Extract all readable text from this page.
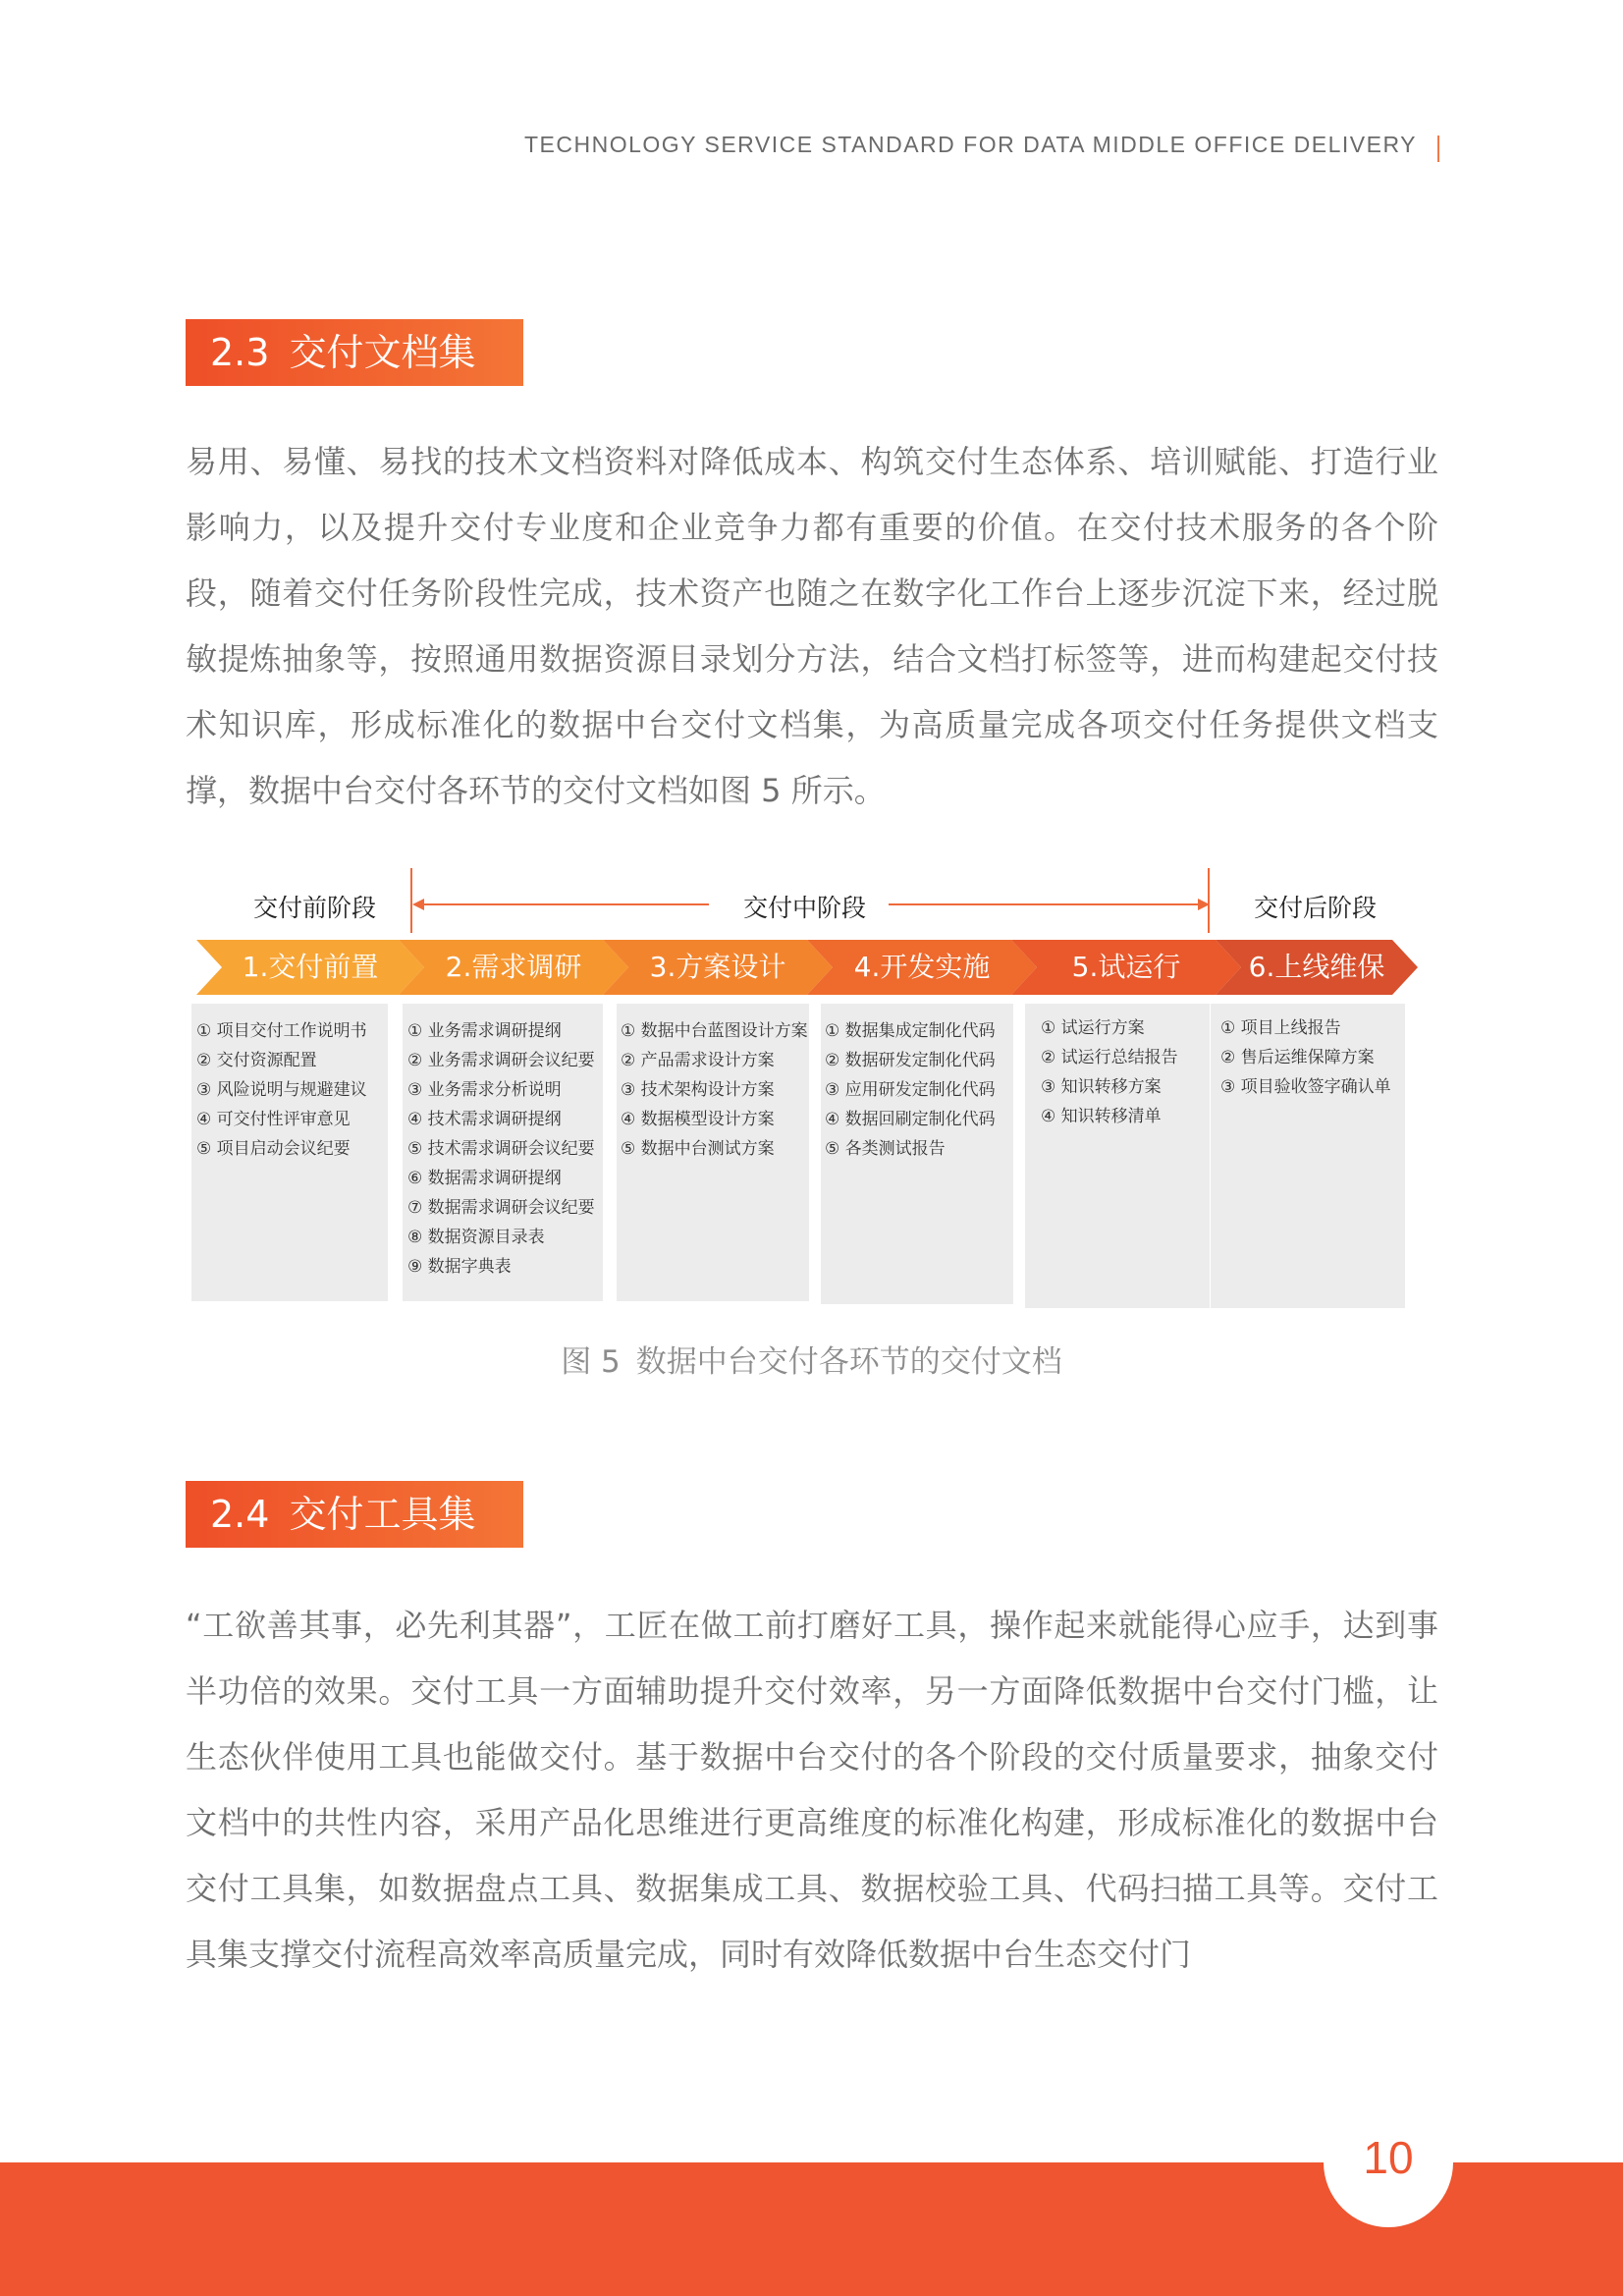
TECHNOLOGY SERVICE STANDARD FOR DATA MIDDLE OFFICE DELIVERY
2.3 交付文档集

易用、易懂、易找的技术文档资料对降低成本、构筑交付生态体系、培训赋能、打造行业影响力，以及提升交付专业度和企业竞争力都有重要的价值。在交付技术服务的各个阶段，随着交付任务阶段性完成，技术资产也随之在数字化工作台上逐步沉淀下来，经过脱敏提炼抽象等，按照通用数据资源目录划分方法，结合文档打标签等，进而构建起交付技术知识库，形成标准化的数据中台交付文档集，为高质量完成各项交付任务提供文档支撑，数据中台交付各环节的交付文档如图 5 所示。

交付前阶段	交付中阶段	交付后阶段
1.交付前置	2.需求调研	3.方案设计	4.开发实施	5.试运行	6.上线维保
① 项目交付工作说明书
② 交付资源配置
③ 风险说明与规避建议
④ 可交付性评审意见
⑤ 项目启动会议纪要
① 业务需求调研提纲
② 业务需求调研会议纪要
③ 业务需求分析说明
④ 技术需求调研提纲
⑤ 技术需求调研会议纪要
⑥ 数据需求调研提纲
⑦ 数据需求调研会议纪要
⑧ 数据资源目录表
⑨ 数据字典表
① 数据中台蓝图设计方案
② 产品需求设计方案
③ 技术架构设计方案
④ 数据模型设计方案
⑤ 数据中台测试方案
① 数据集成定制化代码
② 数据研发定制化代码
③ 应用研发定制化代码
④ 数据回刷定制化代码
⑤ 各类测试报告
① 试运行方案
② 试运行总结报告
③ 知识转移方案
④ 知识转移清单
① 项目上线报告
② 售后运维保障方案
③ 项目验收签字确认单
图 5 数据中台交付各环节的交付文档
2.4 交付工具集

“工欲善其事，必先利其器”，工匠在做工前打磨好工具，操作起来就能得心应手，达到事半功倍的效果。交付工具一方面辅助提升交付效率，另一方面降低数据中台交付门槛，让生态伙伴使用工具也能做交付。基于数据中台交付的各个阶段的交付质量要求，抽象交付文档中的共性内容，采用产品化思维进行更高维度的标准化构建，形成标准化的数据中台交付工具集，如数据盘点工具、数据集成工具、数据校验工具、代码扫描工具等。交付工具集支撑交付流程高效率高质量完成，同时有效降低数据中台生态交付门

10
